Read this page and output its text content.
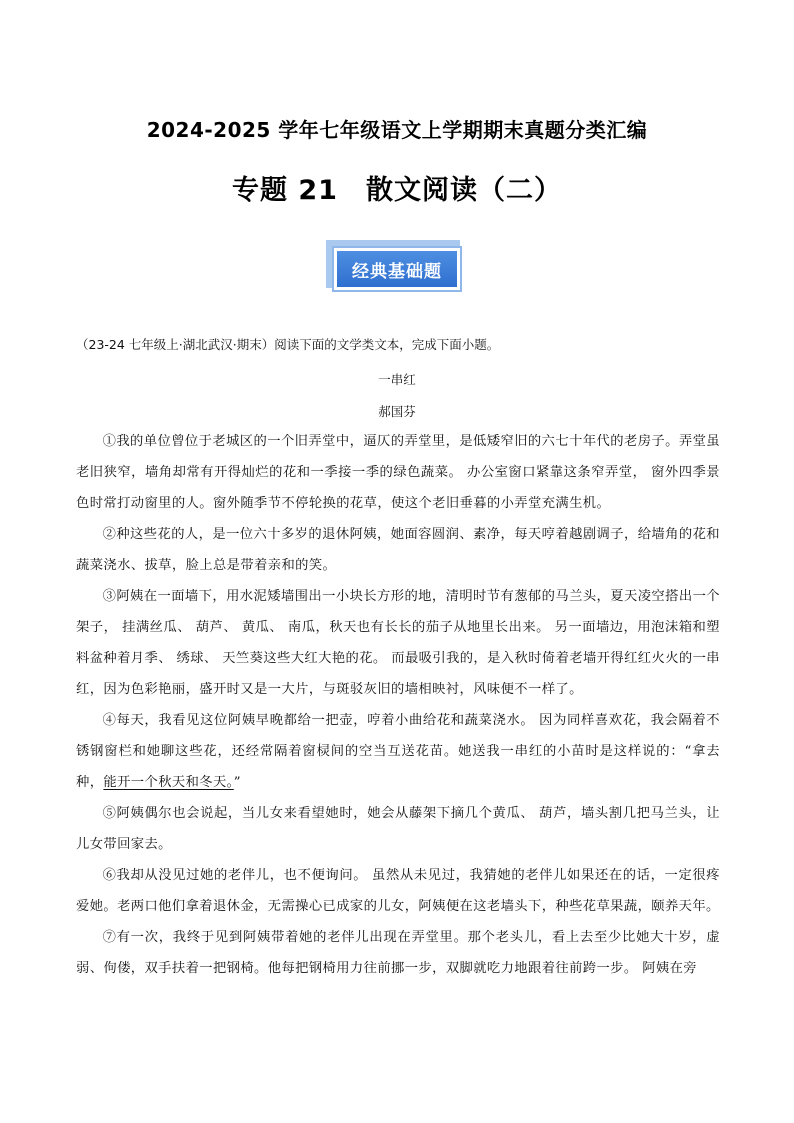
2024-2025 学年七年级语文上学期期末真题分类汇编
专题 21　散文阅读（二）
经典基础题
（23-24 七年级上·湖北武汉·期末）阅读下面的文学类文本，完成下面小题。
一串红
郝国芬

①我的单位曾位于老城区的一个旧弄堂中，逼仄的弄堂里，是低矮窄旧的六七十年代的老房子。弄堂虽老旧狭窄，墙角却常有开得灿烂的花和一季接一季的绿色蔬菜。 办公室窗口紧靠这条窄弄堂， 窗外四季景色时常打动窗里的人。窗外随季节不停轮换的花草，使这个老旧垂暮的小弄堂充满生机。

②种这些花的人，是一位六十多岁的退休阿姨，她面容圆润、素净，每天哼着越剧调子，给墙角的花和蔬菜浇水、拔草，脸上总是带着亲和的笑。

③阿姨在一面墙下，用水泥矮墙围出一小块长方形的地，清明时节有葱郁的马兰头，夏天凌空搭出一个架子， 挂满丝瓜、 葫芦、 黄瓜、 南瓜，秋天也有长长的茄子从地里长出来。 另一面墙边，用泡沫箱和塑料盆种着月季、 绣球、 天竺葵这些大红大艳的花。 而最吸引我的，是入秋时倚着老墙开得红红火火的一串红，因为色彩艳丽，盛开时又是一大片，与斑驳灰旧的墙相映衬，风味便不一样了。

④每天，我看见这位阿姨早晚都给一把壶，哼着小曲给花和蔬菜浇水。 因为同样喜欢花，我会隔着不锈钢窗栏和她聊这些花，还经常隔着窗棂间的空当互送花苗。她送我一串红的小苗时是这样说的：“拿去种，能开一个秋天和冬天。”

⑤阿姨偶尔也会说起，当儿女来看望她时，她会从藤架下摘几个黄瓜、 葫芦，墙头割几把马兰头，让儿女带回家去。

⑥我却从没见过她的老伴儿，也不便询问。 虽然从未见过，我猜她的老伴儿如果还在的话，一定很疼爱她。老两口他们拿着退休金，无需操心已成家的儿女，阿姨便在这老墙头下，种些花草果蔬，颐养天年。

⑦有一次，我终于见到阿姨带着她的老伴儿出现在弄堂里。那个老头儿，看上去至少比她大十岁，虚弱、佝偻，双手扶着一把钢椅。他每把钢椅用力往前挪一步，双脚就吃力地跟着往前跨一步。 阿姨在旁
